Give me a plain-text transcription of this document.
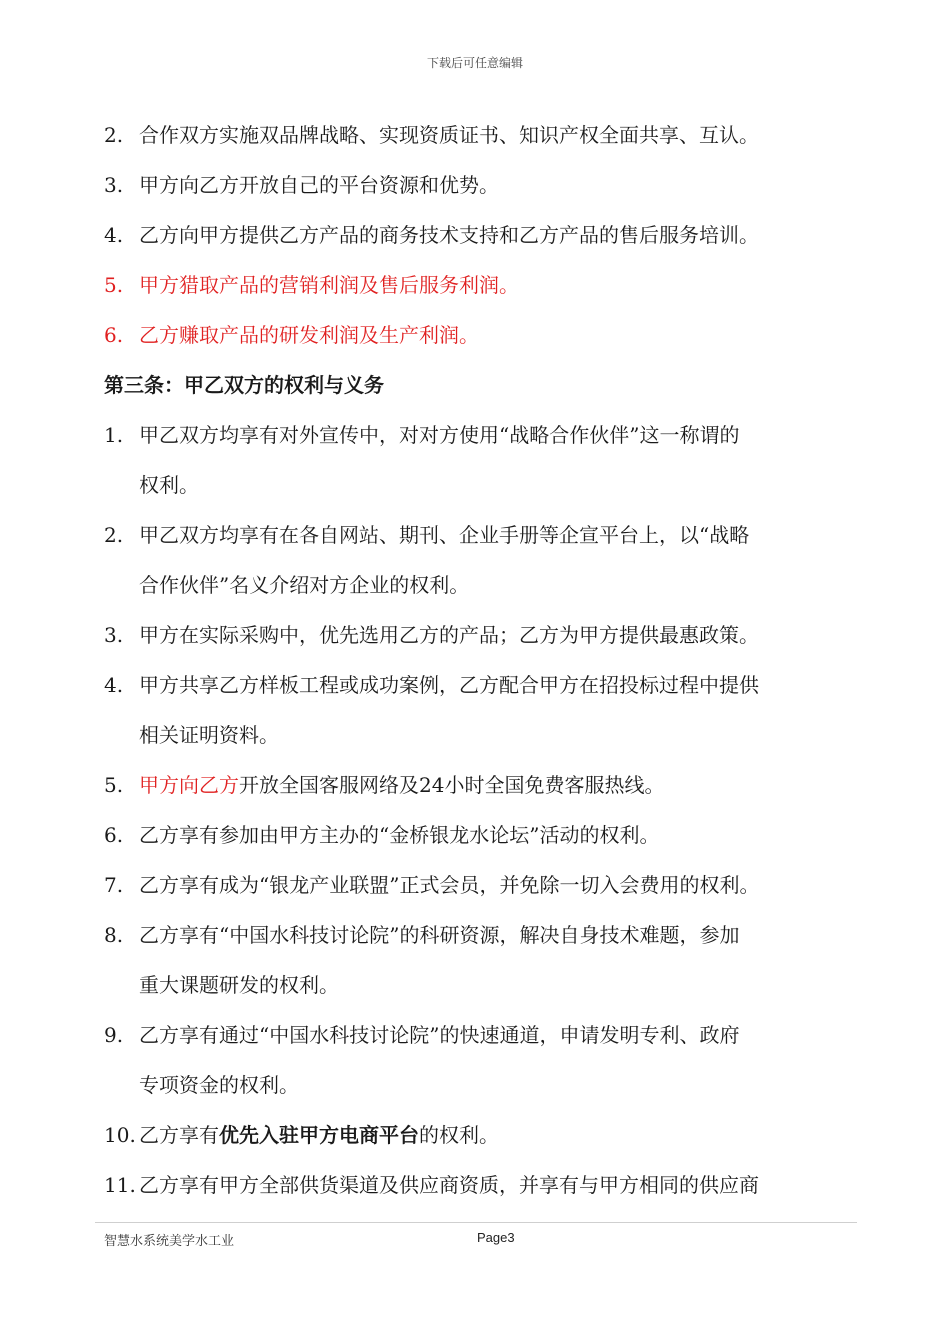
下载后可任意编辑
2. 合作双方实施双品牌战略、实现资质证书、知识产权全面共享、互认。
3. 甲方向乙方开放自己的平台资源和优势。
4. 乙方向甲方提供乙方产品的商务技术支持和乙方产品的售后服务培训。
5. 甲方猎取产品的营销利润及售后服务利润。
6. 乙方赚取产品的研发利润及生产利润。
第三条：甲乙双方的权利与义务
1. 甲乙双方均享有对外宣传中，对对方使用“战略合作伙伴”这一称谓的
权利。
2. 甲乙双方均享有在各自网站、期刊、企业手册等企宣平台上，以“战略
合作伙伴”名义介绍对方企业的权利。
3. 甲方在实际采购中，优先选用乙方的产品；乙方为甲方提供最惠政策。
4. 甲方共享乙方样板工程或成功案例，乙方配合甲方在招投标过程中提供
相关证明资料。
5. 甲方向乙方开放全国客服网络及24小时全国免费客服热线。
6. 乙方享有参加由甲方主办的“金桥银龙水论坛”活动的权利。
7. 乙方享有成为“银龙产业联盟”正式会员，并免除一切入会费用的权利。
8. 乙方享有“中国水科技讨论院”的科研资源，解决自身技术难题，参加
重大课题研发的权利。
9. 乙方享有通过“中国水科技讨论院”的快速通道，申请发明专利、政府
专项资金的权利。
10. 乙方享有优先入驻甲方电商平台的权利。
11. 乙方享有甲方全部供货渠道及供应商资质，并享有与甲方相同的供应商
智慧水系统美学水工业	Page3
